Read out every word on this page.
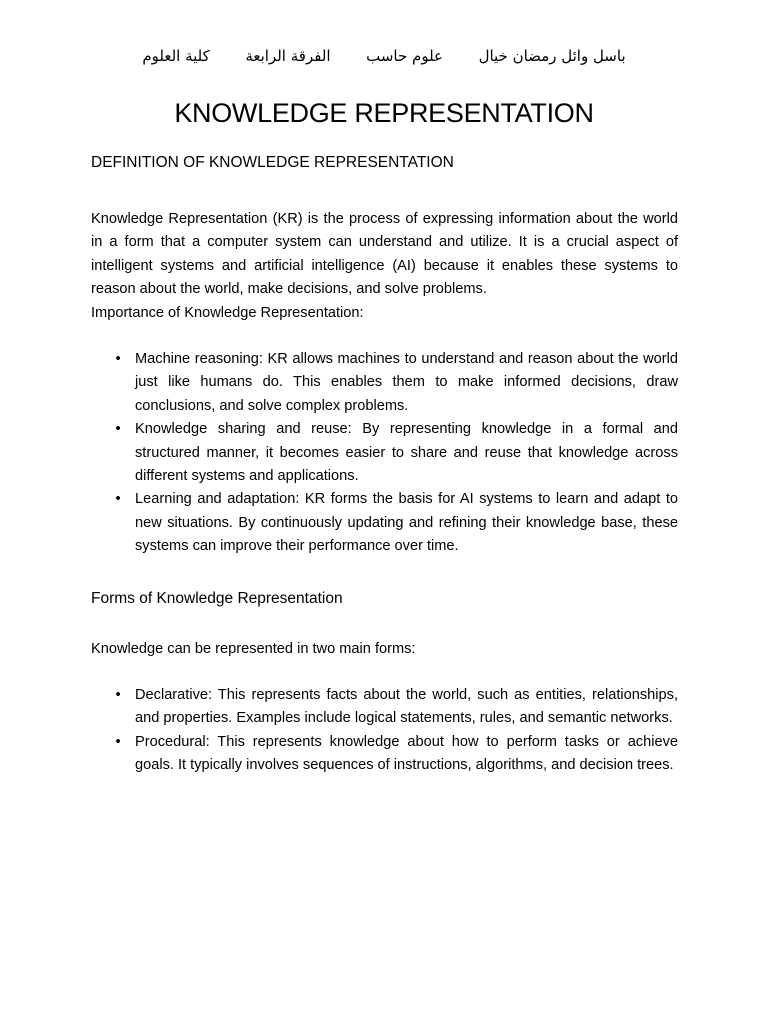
باسل وائل رمضان خيال  علوم حاسب  الفرقة الرابعة  كلية العلوم
KNOWLEDGE REPRESENTATION
DEFINITION OF KNOWLEDGE REPRESENTATION

Knowledge Representation (KR) is the process of expressing information about the world in a form that a computer system can understand and utilize. It is a crucial aspect of intelligent systems and artificial intelligence (AI) because it enables these systems to reason about the world, make decisions, and solve problems.

Importance of Knowledge Representation:

• Machine reasoning: KR allows machines to understand and reason about the world just like humans do. This enables them to make informed decisions, draw conclusions, and solve complex problems.
• Knowledge sharing and reuse: By representing knowledge in a formal and structured manner, it becomes easier to share and reuse that knowledge across different systems and applications.
• Learning and adaptation: KR forms the basis for AI systems to learn and adapt to new situations. By continuously updating and refining their knowledge base, these systems can improve their performance over time.
Forms of Knowledge Representation

Knowledge can be represented in two main forms:

• Declarative: This represents facts about the world, such as entities, relationships, and properties. Examples include logical statements, rules, and semantic networks.
• Procedural: This represents knowledge about how to perform tasks or achieve goals. It typically involves sequences of instructions, algorithms, and decision trees.
